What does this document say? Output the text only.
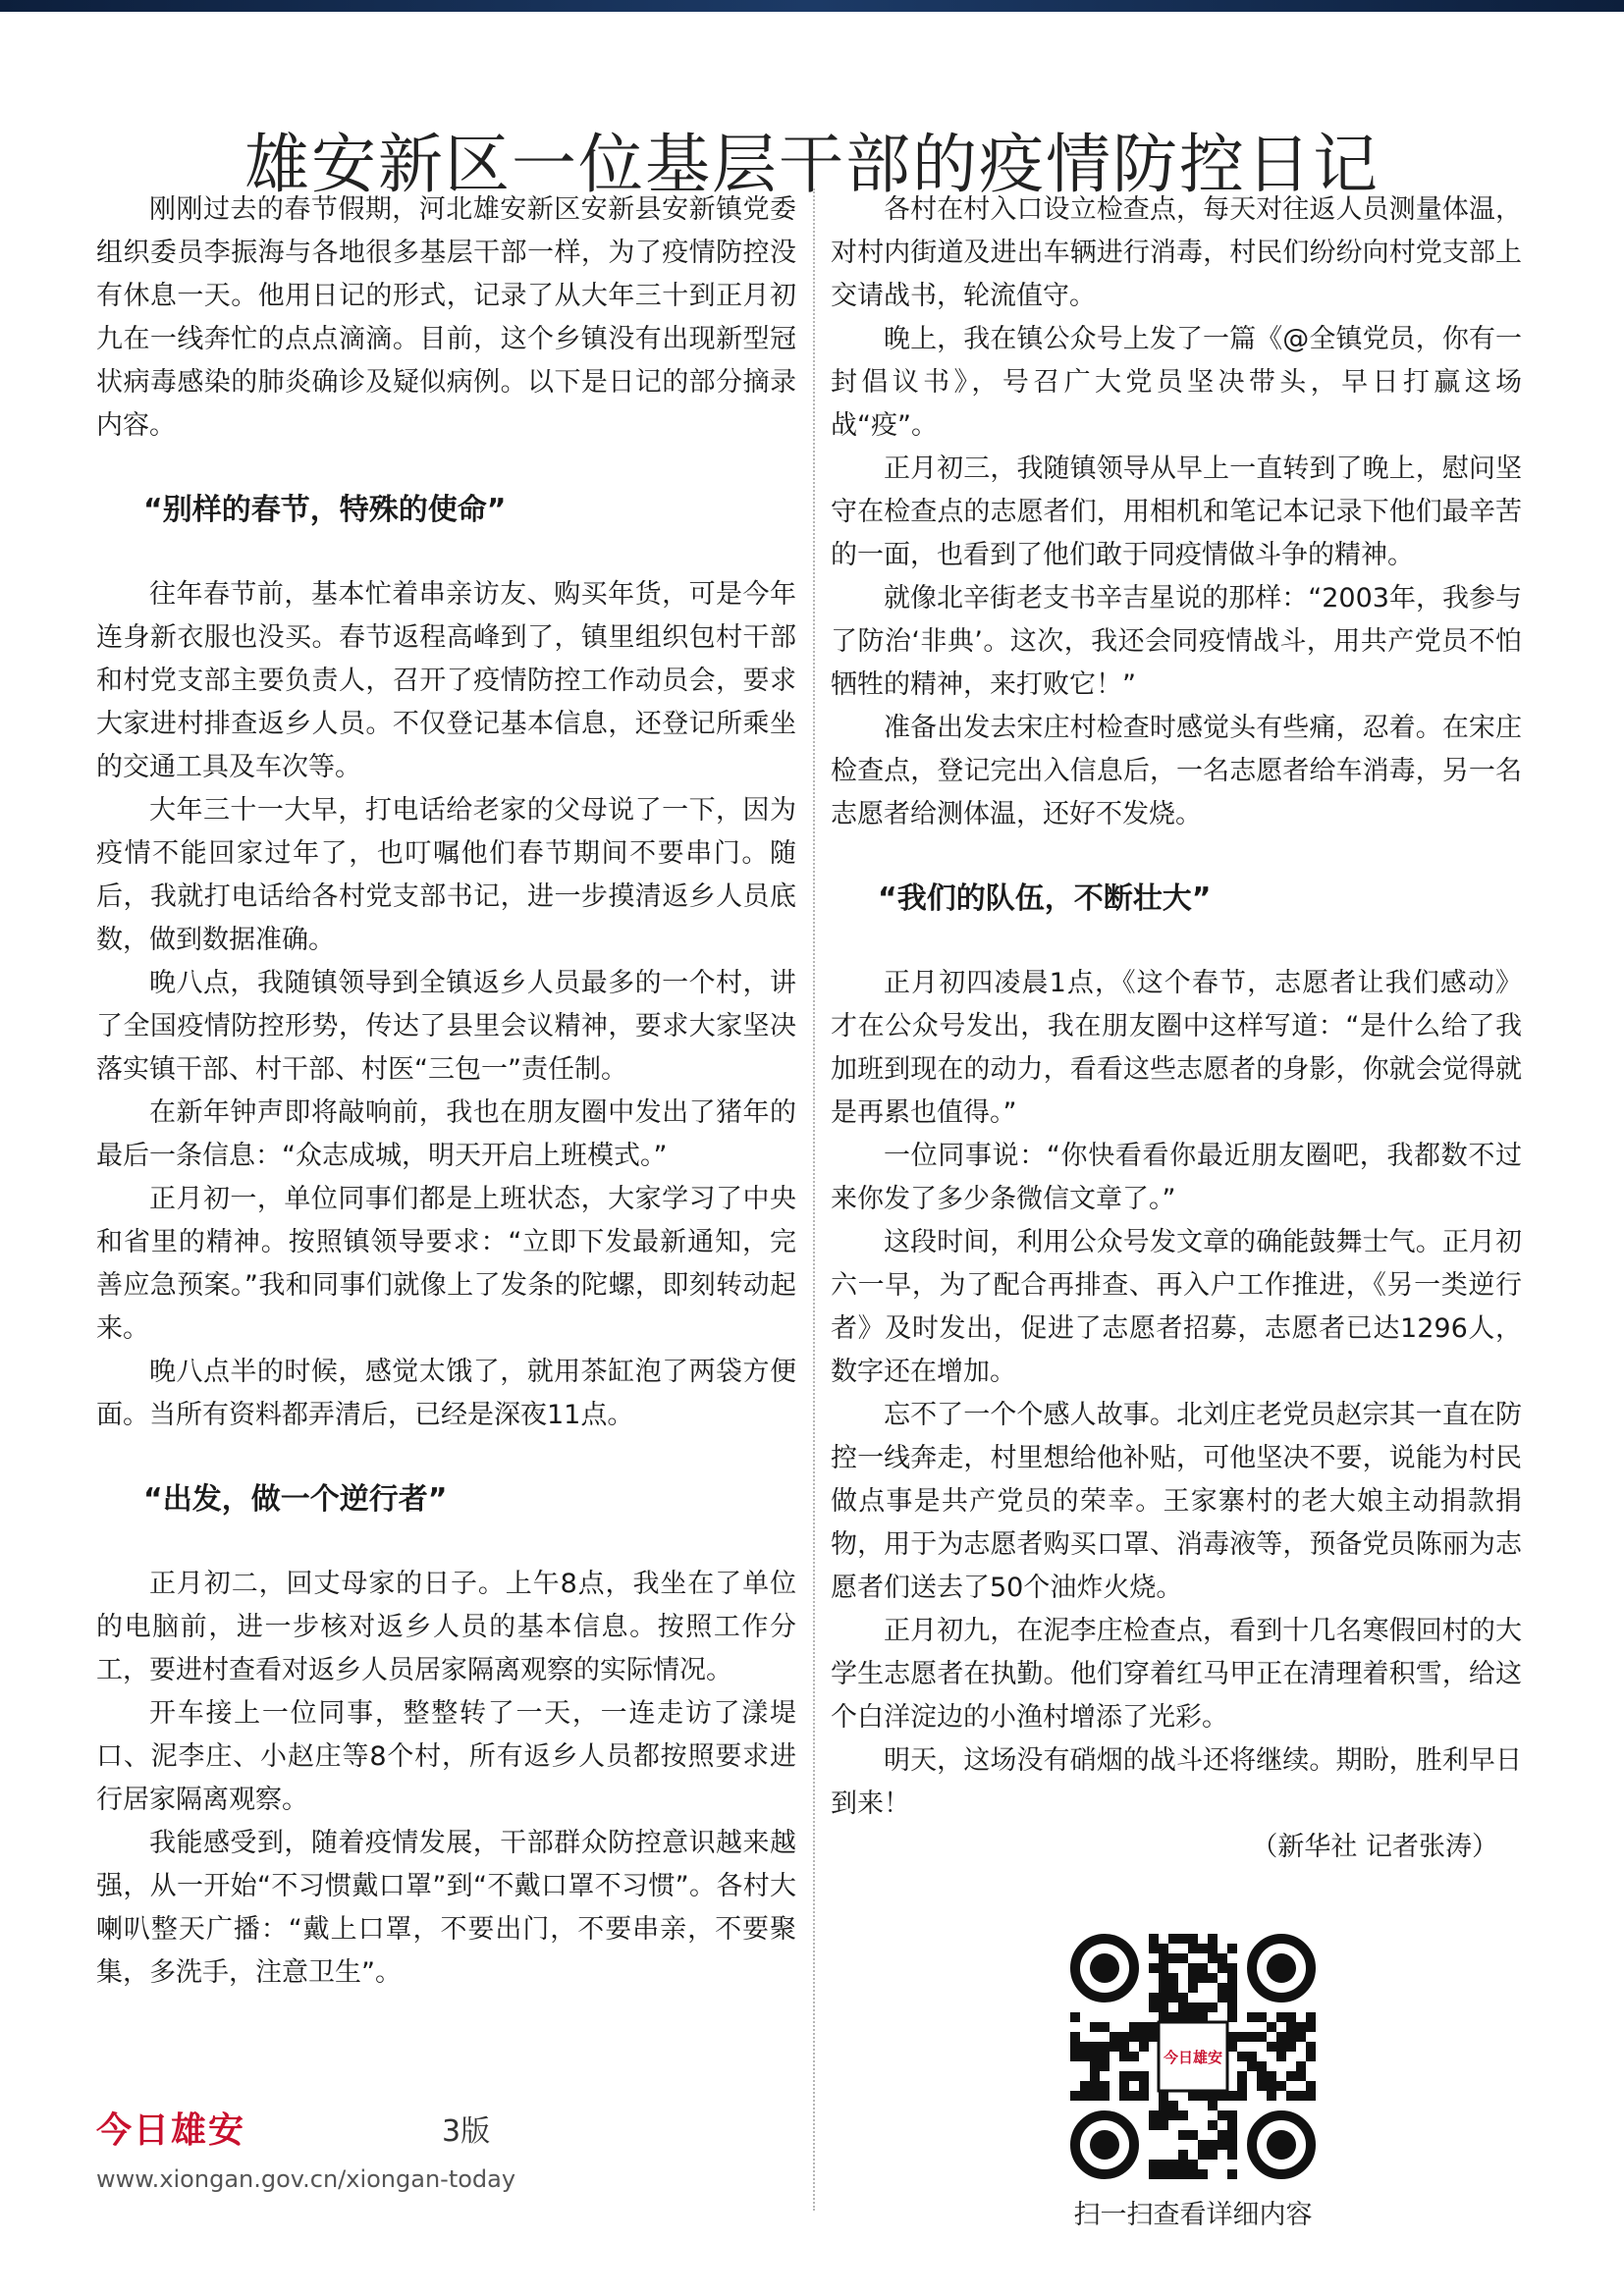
雄安新区一位基层干部的疫情防控日记

刚刚过去的春节假期，河北雄安新区安新县安新镇党委组织委员李振海与各地很多基层干部一样，为了疫情防控没有休息一天。他用日记的形式，记录了从大年三十到正月初九在一线奔忙的点点滴滴。目前，这个乡镇没有出现新型冠状病毒感染的肺炎确诊及疑似病例。以下是日记的部分摘录内容。

“别样的春节，特殊的使命”

往年春节前，基本忙着串亲访友、购买年货，可是今年连身新衣服也没买。春节返程高峰到了，镇里组织包村干部和村党支部主要负责人，召开了疫情防控工作动员会，要求大家进村排查返乡人员。不仅登记基本信息，还登记所乘坐的交通工具及车次等。

大年三十一大早，打电话给老家的父母说了一下，因为疫情不能回家过年了，也叮嘱他们春节期间不要串门。随后，我就打电话给各村党支部书记，进一步摸清返乡人员底数，做到数据准确。

晚八点，我随镇领导到全镇返乡人员最多的一个村，讲了全国疫情防控形势，传达了县里会议精神，要求大家坚决落实镇干部、村干部、村医“三包一”责任制。

在新年钟声即将敲响前，我也在朋友圈中发出了猪年的最后一条信息：“众志成城，明天开启上班模式。”

正月初一，单位同事们都是上班状态，大家学习了中央和省里的精神。按照镇领导要求：“立即下发最新通知，完善应急预案。”我和同事们就像上了发条的陀螺，即刻转动起来。

晚八点半的时候，感觉太饿了，就用茶缸泡了两袋方便面。当所有资料都弄清后，已经是深夜11点。

“出发，做一个逆行者”

正月初二，回丈母家的日子。上午8点，我坐在了单位的电脑前，进一步核对返乡人员的基本信息。按照工作分工，要进村查看对返乡人员居家隔离观察的实际情况。

开车接上一位同事，整整转了一天，一连走访了漾堤口、泥李庄、小赵庄等8个村，所有返乡人员都按照要求进行居家隔离观察。

我能感受到，随着疫情发展，干部群众防控意识越来越强，从一开始“不习惯戴口罩”到“不戴口罩不习惯”。各村大喇叭整天广播：“戴上口罩，不要出门，不要串亲，不要聚集，多洗手，注意卫生”。

各村在村入口设立检查点，每天对往返人员测量体温，对村内街道及进出车辆进行消毒，村民们纷纷向村党支部上交请战书，轮流值守。

晚上，我在镇公众号上发了一篇《@全镇党员，你有一封倡议书》，号召广大党员坚决带头，早日打赢这场战“疫”。

正月初三，我随镇领导从早上一直转到了晚上，慰问坚守在检查点的志愿者们，用相机和笔记本记录下他们最辛苦的一面，也看到了他们敢于同疫情做斗争的精神。

就像北辛街老支书辛吉星说的那样：“2003年，我参与了防治‘非典’。这次，我还会同疫情战斗，用共产党员不怕牺牲的精神，来打败它！”

准备出发去宋庄村检查时感觉头有些痛，忍着。在宋庄检查点，登记完出入信息后，一名志愿者给车消毒，另一名志愿者给测体温，还好不发烧。

“我们的队伍，不断壮大”

正月初四凌晨1点，《这个春节，志愿者让我们感动》才在公众号发出，我在朋友圈中这样写道：“是什么给了我加班到现在的动力，看看这些志愿者的身影，你就会觉得就是再累也值得。”

一位同事说：“你快看看你最近朋友圈吧，我都数不过来你发了多少条微信文章了。”

这段时间，利用公众号发文章的确能鼓舞士气。正月初六一早，为了配合再排查、再入户工作推进，《另一类逆行者》及时发出，促进了志愿者招募，志愿者已达1296人，数字还在增加。

忘不了一个个感人故事。北刘庄老党员赵宗其一直在防控一线奔走，村里想给他补贴，可他坚决不要，说能为村民做点事是共产党员的荣幸。王家寨村的老大娘主动捐款捐物，用于为志愿者购买口罩、消毒液等，预备党员陈丽为志愿者们送去了50个油炸火烧。

正月初九，在泥李庄检查点，看到十几名寒假回村的大学生志愿者在执勤。他们穿着红马甲正在清理着积雪，给这个白洋淀边的小渔村增添了光彩。

明天，这场没有硝烟的战斗还将继续。期盼，胜利早日到来！

（新华社 记者张涛）
今日雄安	3版
www.xiongan.gov.cn/xiongan-today
今日雄安
扫一扫查看详细内容
